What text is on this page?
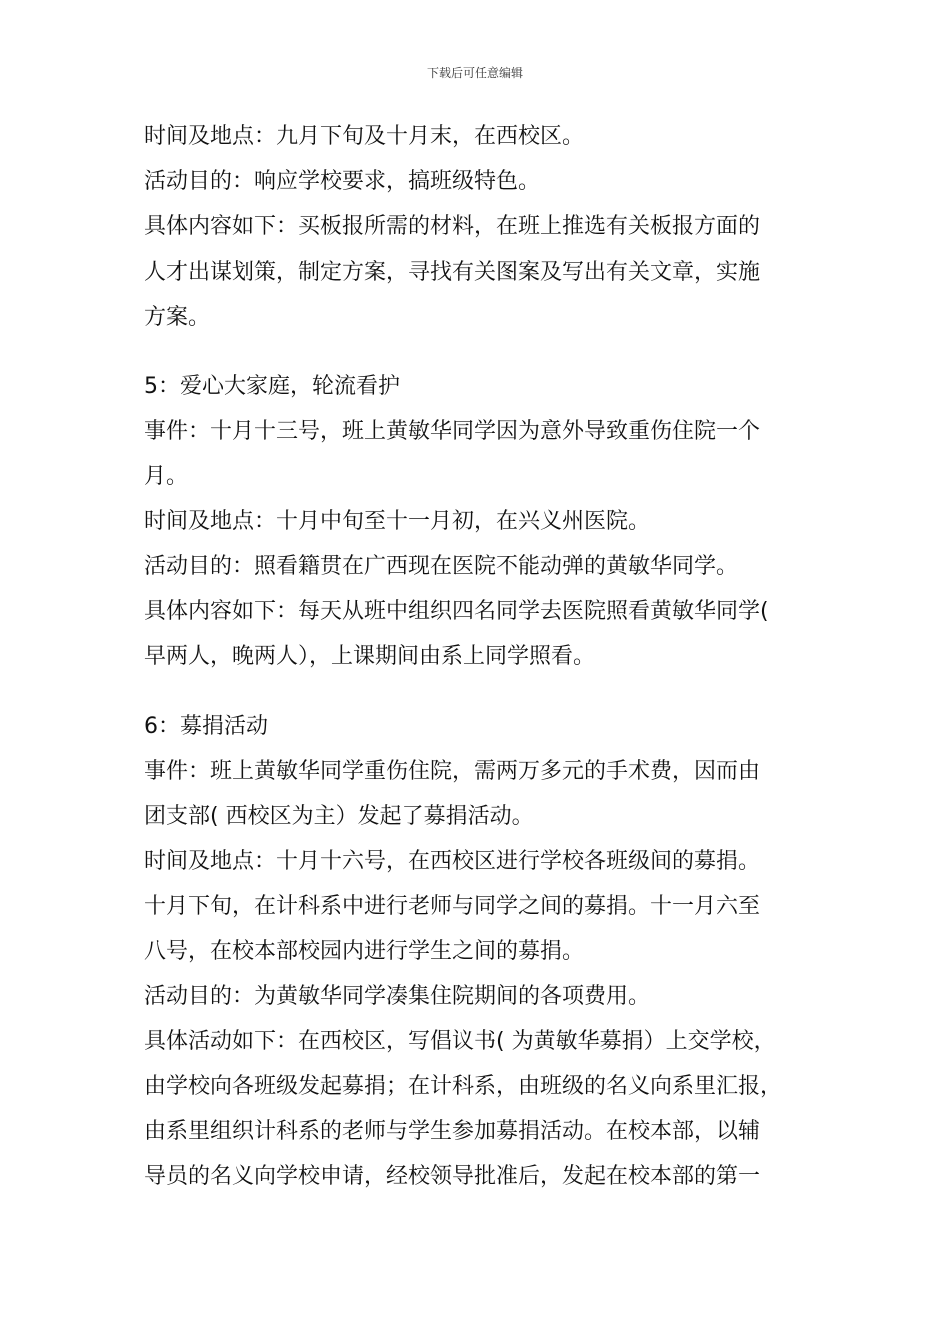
下载后可任意编辑

时间及地点：九月下旬及十月末，在西校区。

活动目的：响应学校要求，搞班级特色。

具体内容如下：买板报所需的材料，在班上推选有关板报方面的

人才出谋划策，制定方案，寻找有关图案及写出有关文章，实施

方案。

5：爱心大家庭，轮流看护

事件：十月十三号，班上黄敏华同学因为意外导致重伤住院一个

月。

时间及地点：十月中旬至十一月初，在兴义州医院。

活动目的：照看籍贯在广西现在医院不能动弹的黄敏华同学。

具体内容如下：每天从班中组织四名同学去医院照看黄敏华同学(

早两人，晚两人），上课期间由系上同学照看。

6：募捐活动

事件：班上黄敏华同学重伤住院，需两万多元的手术费，因而由

团支部( 西校区为主）发起了募捐活动。

时间及地点：十月十六号，在西校区进行学校各班级间的募捐。

十月下旬，在计科系中进行老师与同学之间的募捐。十一月六至

八号，在校本部校园内进行学生之间的募捐。

活动目的：为黄敏华同学凑集住院期间的各项费用。

具体活动如下：在西校区，写倡议书( 为黄敏华募捐）上交学校，

由学校向各班级发起募捐；在计科系，由班级的名义向系里汇报，

由系里组织计科系的老师与学生参加募捐活动。在校本部，以辅

导员的名义向学校申请，经校领导批准后，发起在校本部的第一
